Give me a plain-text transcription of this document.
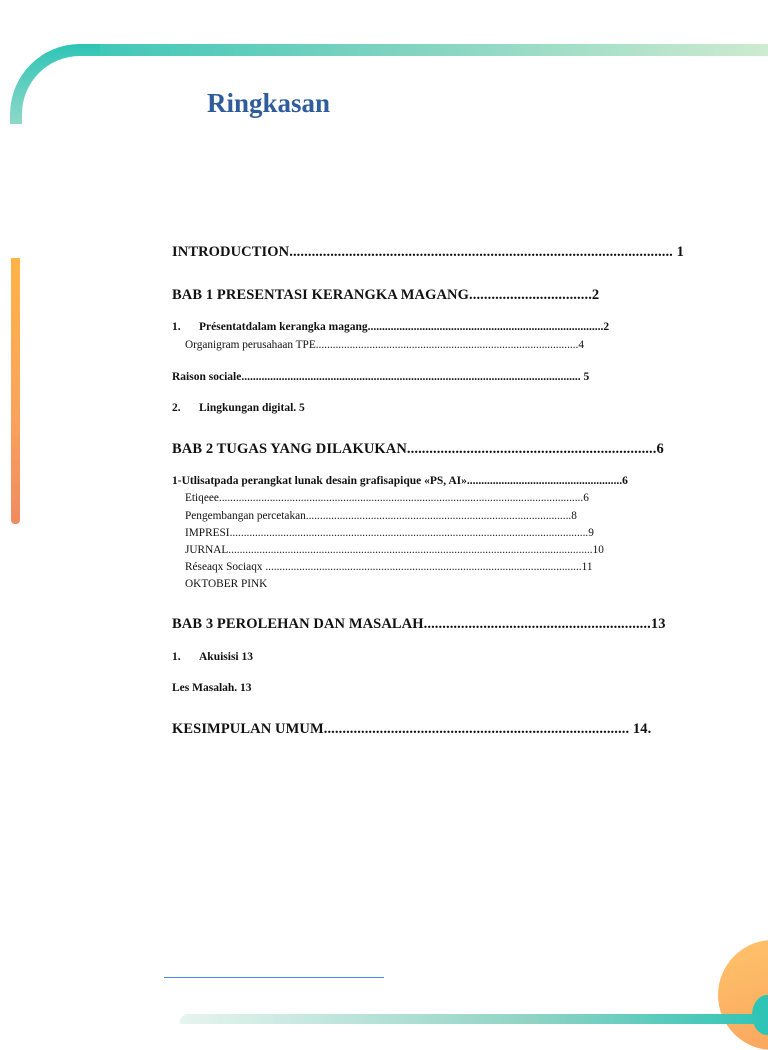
Ringkasan
INTRODUCTION....................................................................................................... 1
BAB 1 PRESENTASI KERANGKA MAGANG.................................2
1. Présentatdalam kerangka magang..................................................................................2
Organigram perusahaan TPE.............................................................................................4
Raison sociale...................................................................................................................... 5
2. Lingkungan digital. 5
BAB 2 TUGAS YANG DILAKUKAN...................................................................6
1-Utlisatpada perangkat lunak desain grafisapique «PS, AI»......................................................6
Etiqeee.................................................................................................................................6
Pengembangan percetakan..............................................................................................8
IMPRESI...............................................................................................................................9
JURNAL.................................................................................................................................10
Réseaqx Sociaqx ................................................................................................................11
OKTOBER PINK
BAB 3 PEROLEHAN DAN MASALAH.............................................................13
1. Akuisisi 13
Les Masalah. 13
KESIMPULAN UMUM.................................................................................. 14.
